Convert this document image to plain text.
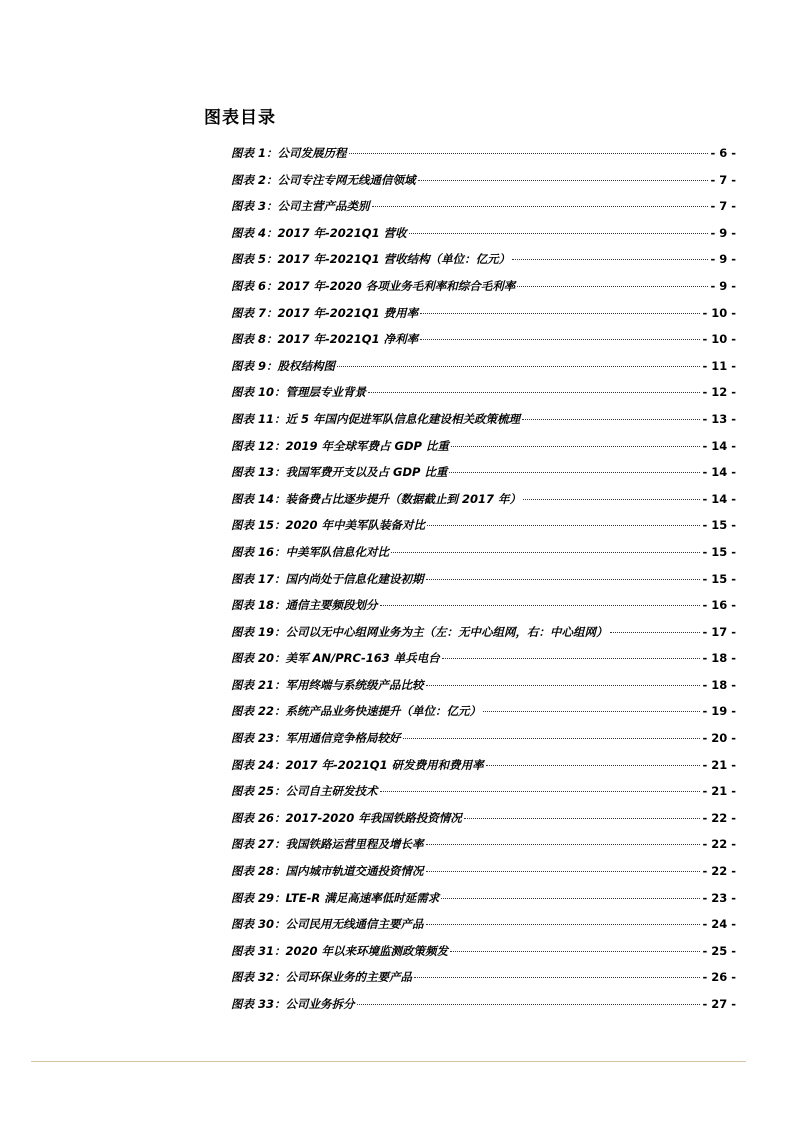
图表目录
图表 1：公司发展历程	- 6 -
图表 2：公司专注专网无线通信领域	- 7 -
图表 3：公司主营产品类别	- 7 -
图表 4：2017 年-2021Q1 营收	- 9 -
图表 5：2017 年-2021Q1 营收结构（单位：亿元）	- 9 -
图表 6：2017 年-2020 各项业务毛利率和综合毛利率	- 9 -
图表 7：2017 年-2021Q1 费用率	- 10 -
图表 8：2017 年-2021Q1 净利率	- 10 -
图表 9：股权结构图	- 11 -
图表 10：管理层专业背景	- 12 -
图表 11：近 5 年国内促进军队信息化建设相关政策梳理	- 13 -
图表 12：2019 年全球军费占 GDP 比重	- 14 -
图表 13：我国军费开支以及占 GDP 比重	- 14 -
图表 14：装备费占比逐步提升（数据截止到 2017 年）	- 14 -
图表 15：2020 年中美军队装备对比	- 15 -
图表 16：中美军队信息化对比	- 15 -
图表 17：国内尚处于信息化建设初期	- 15 -
图表 18：通信主要频段划分	- 16 -
图表 19：公司以无中心组网业务为主（左：无中心组网，右：中心组网）	- 17 -
图表 20：美军 AN/PRC-163 单兵电台	- 18 -
图表 21：军用终端与系统级产品比较	- 18 -
图表 22：系统产品业务快速提升（单位：亿元）	- 19 -
图表 23：军用通信竞争格局较好	- 20 -
图表 24：2017 年-2021Q1 研发费用和费用率	- 21 -
图表 25：公司自主研发技术	- 21 -
图表 26：2017-2020 年我国铁路投资情况	- 22 -
图表 27：我国铁路运营里程及增长率	- 22 -
图表 28：国内城市轨道交通投资情况	- 22 -
图表 29：LTE-R 满足高速率低时延需求	- 23 -
图表 30：公司民用无线通信主要产品	- 24 -
图表 31：2020 年以来环境监测政策频发	- 25 -
图表 32：公司环保业务的主要产品	- 26 -
图表 33：公司业务拆分	- 27 -
